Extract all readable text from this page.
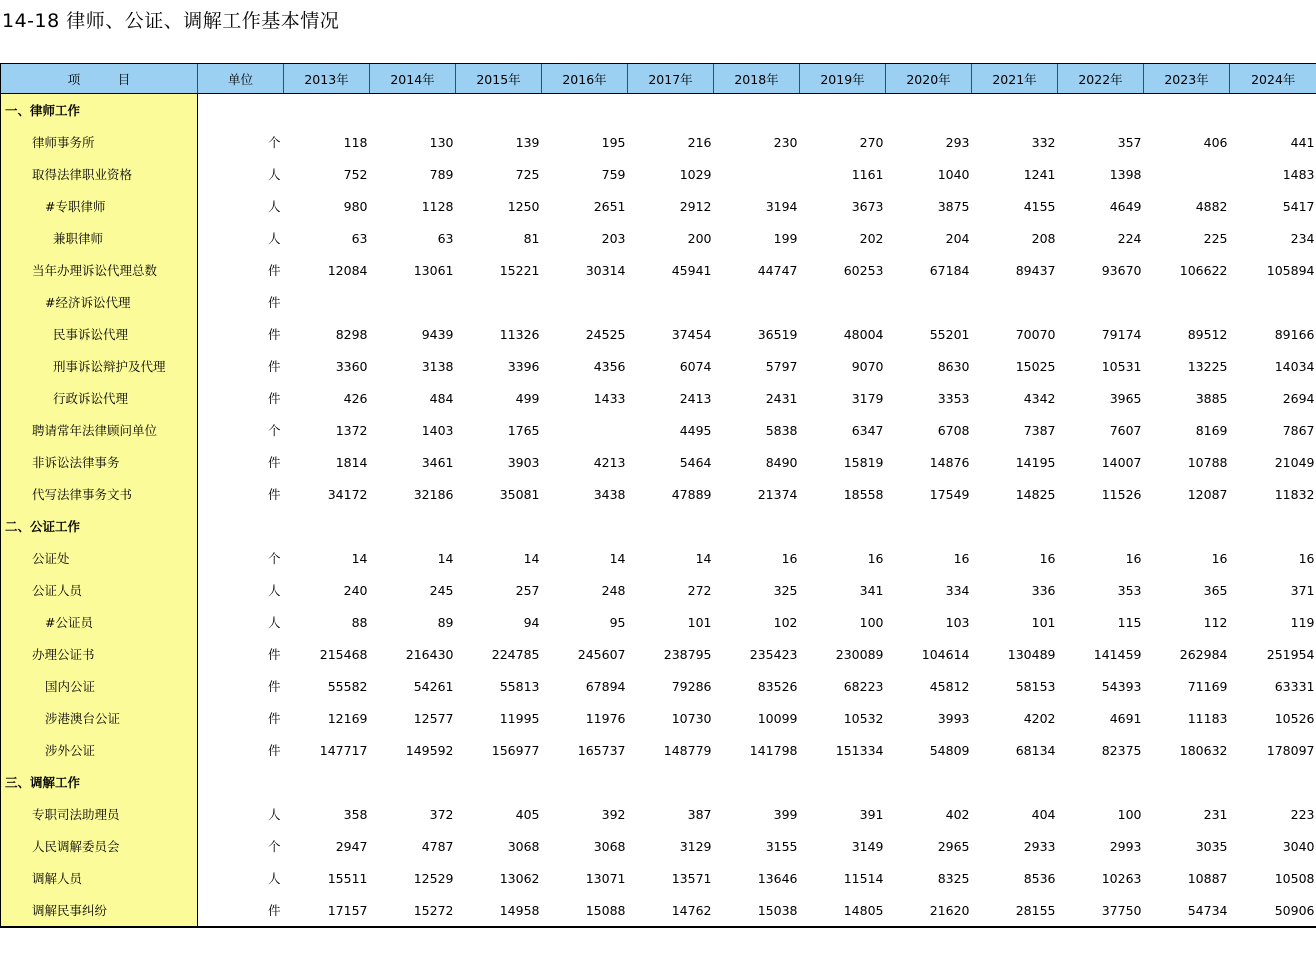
14-18 律师、公证、调解工作基本情况
项　　　目	单位	2013年	2014年	2015年	2016年	2017年	2018年	2019年	2020年	2021年	2022年	2023年	2024年
一、律师工作													
律师事务所	个	118	130	139	195	216	230	270	293	332	357	406	441
取得法律职业资格	人	752	789	725	759	1029		1161	1040	1241	1398		1483
#专职律师	人	980	1128	1250	2651	2912	3194	3673	3875	4155	4649	4882	5417
兼职律师	人	63	63	81	203	200	199	202	204	208	224	225	234
当年办理诉讼代理总数	件	12084	13061	15221	30314	45941	44747	60253	67184	89437	93670	106622	105894
#经济诉讼代理	件												
民事诉讼代理	件	8298	9439	11326	24525	37454	36519	48004	55201	70070	79174	89512	89166
刑事诉讼辩护及代理	件	3360	3138	3396	4356	6074	5797	9070	8630	15025	10531	13225	14034
行政诉讼代理	件	426	484	499	1433	2413	2431	3179	3353	4342	3965	3885	2694
聘请常年法律顾问单位	个	1372	1403	1765		4495	5838	6347	6708	7387	7607	8169	7867
非诉讼法律事务	件	1814	3461	3903	4213	5464	8490	15819	14876	14195	14007	10788	21049
代写法律事务文书	件	34172	32186	35081	3438	47889	21374	18558	17549	14825	11526	12087	11832
二、公证工作													
公证处	个	14	14	14	14	14	16	16	16	16	16	16	16
公证人员	人	240	245	257	248	272	325	341	334	336	353	365	371
#公证员	人	88	89	94	95	101	102	100	103	101	115	112	119
办理公证书	件	215468	216430	224785	245607	238795	235423	230089	104614	130489	141459	262984	251954
国内公证	件	55582	54261	55813	67894	79286	83526	68223	45812	58153	54393	71169	63331
涉港澳台公证	件	12169	12577	11995	11976	10730	10099	10532	3993	4202	4691	11183	10526
涉外公证	件	147717	149592	156977	165737	148779	141798	151334	54809	68134	82375	180632	178097
三、调解工作													
专职司法助理员	人	358	372	405	392	387	399	391	402	404	100	231	223
人民调解委员会	个	2947	4787	3068	3068	3129	3155	3149	2965	2933	2993	3035	3040
调解人员	人	15511	12529	13062	13071	13571	13646	11514	8325	8536	10263	10887	10508
调解民事纠纷	件	17157	15272	14958	15088	14762	15038	14805	21620	28155	37750	54734	50906
